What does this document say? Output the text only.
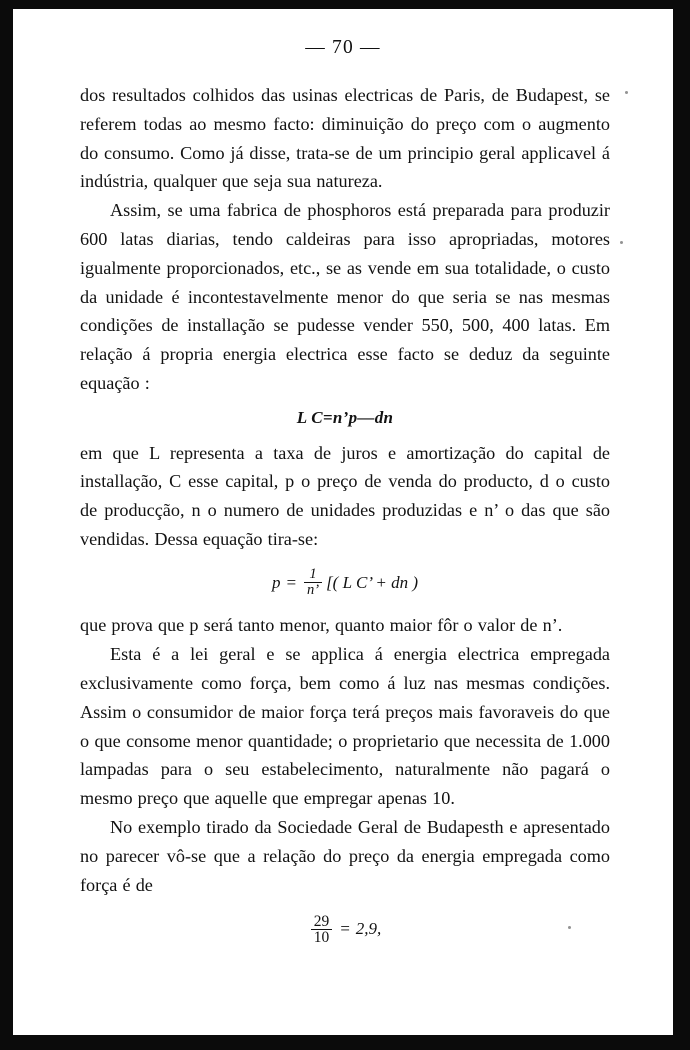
— 70 —

dos resultados colhidos das usinas electricas de Paris, de Budapest, se referem todas ao mesmo facto: diminuição do preço com o augmento do consumo. Como já disse, trata-se de um principio geral applicavel á indústria, qualquer que seja sua natureza.

Assim, se uma fabrica de phosphoros está preparada para produzir 600 latas diarias, tendo caldeiras para isso apropriadas, motores igualmente proporcionados, etc., se as vende em sua totalidade, o custo da unidade é incontestavelmente menor do que seria se nas mesmas condições de installação se pudesse vender 550, 500, 400 latas. Em relação á propria energia electrica esse facto se deduz da seguinte equação :

L C=n’p—dn

em que L representa a taxa de juros e amortização do capital de installação, C esse capital, p o preço de venda do producto, d o custo de producção, n o numero de unidades produzidas e n’ o das que são vendidas. Dessa equação tira-se:

$p = \frac{1}{n’}$ [( L C’ + dn )

que prova que p será tanto menor, quanto maior fôr o valor de n’.

Esta é a lei geral e se applica á energia electrica empregada exclusivamente como força, bem como á luz nas mesmas condições. Assim o consumidor de maior força terá preços mais favoraveis do que o que consome menor quantidade; o proprietario que necessita de 1.000 lampadas para o seu estabelecimento, naturalmente não pagará o mesmo preço que aquelle que empregar apenas 10.

No exemplo tirado da Sociedade Geral de Budapesth e apresentado no parecer vô-se que a relação do preço da energia empregada como força é de

$\frac{29}{10} = 2,9$,
